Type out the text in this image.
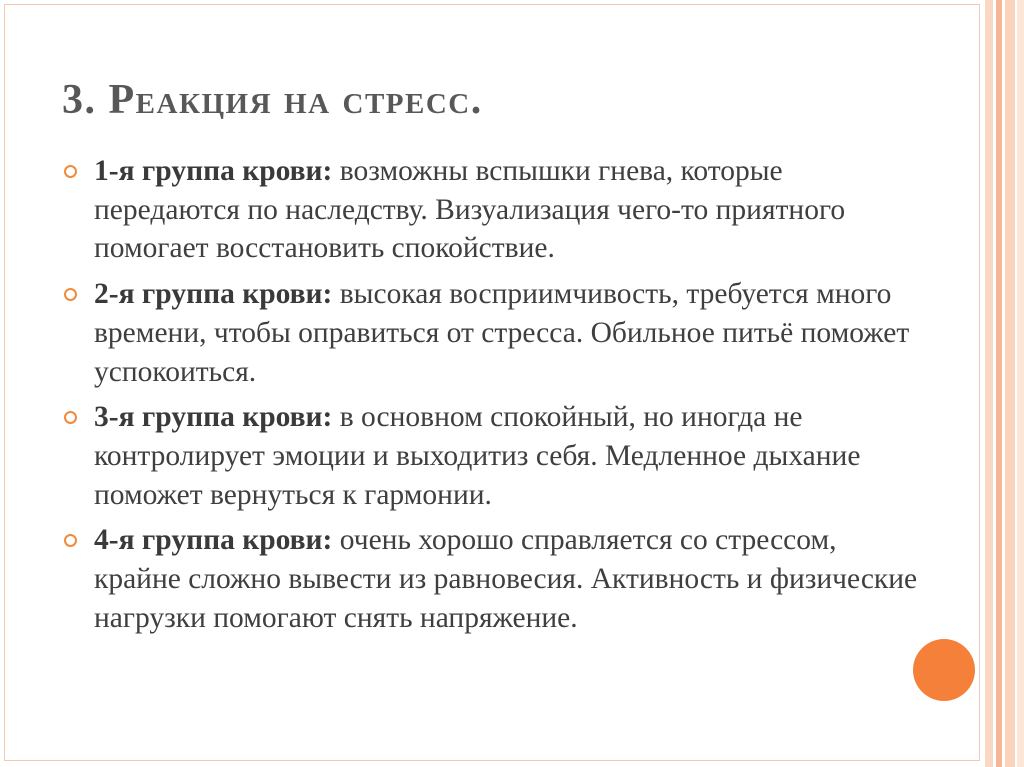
3. Реакция на стресс.
1-я группа крови: возможны вспышки гнева, которые передаются по наследству. Визуализация чего-то приятного помогает восстановить спокойствие.
2-я группа крови: высокая восприимчивость, требуется много времени, чтобы оправиться от стресса. Обильное питьё поможет успокоиться.
3-я группа крови: в основном спокойный, но иногда не контролирует эмоции и выходитиз себя. Медленное дыхание поможет вернуться к гармонии.
4-я группа крови: очень хорошо справляется со стрессом, крайне сложно вывести из равновесия. Активность и физические нагрузки помогают снять напряжение.
